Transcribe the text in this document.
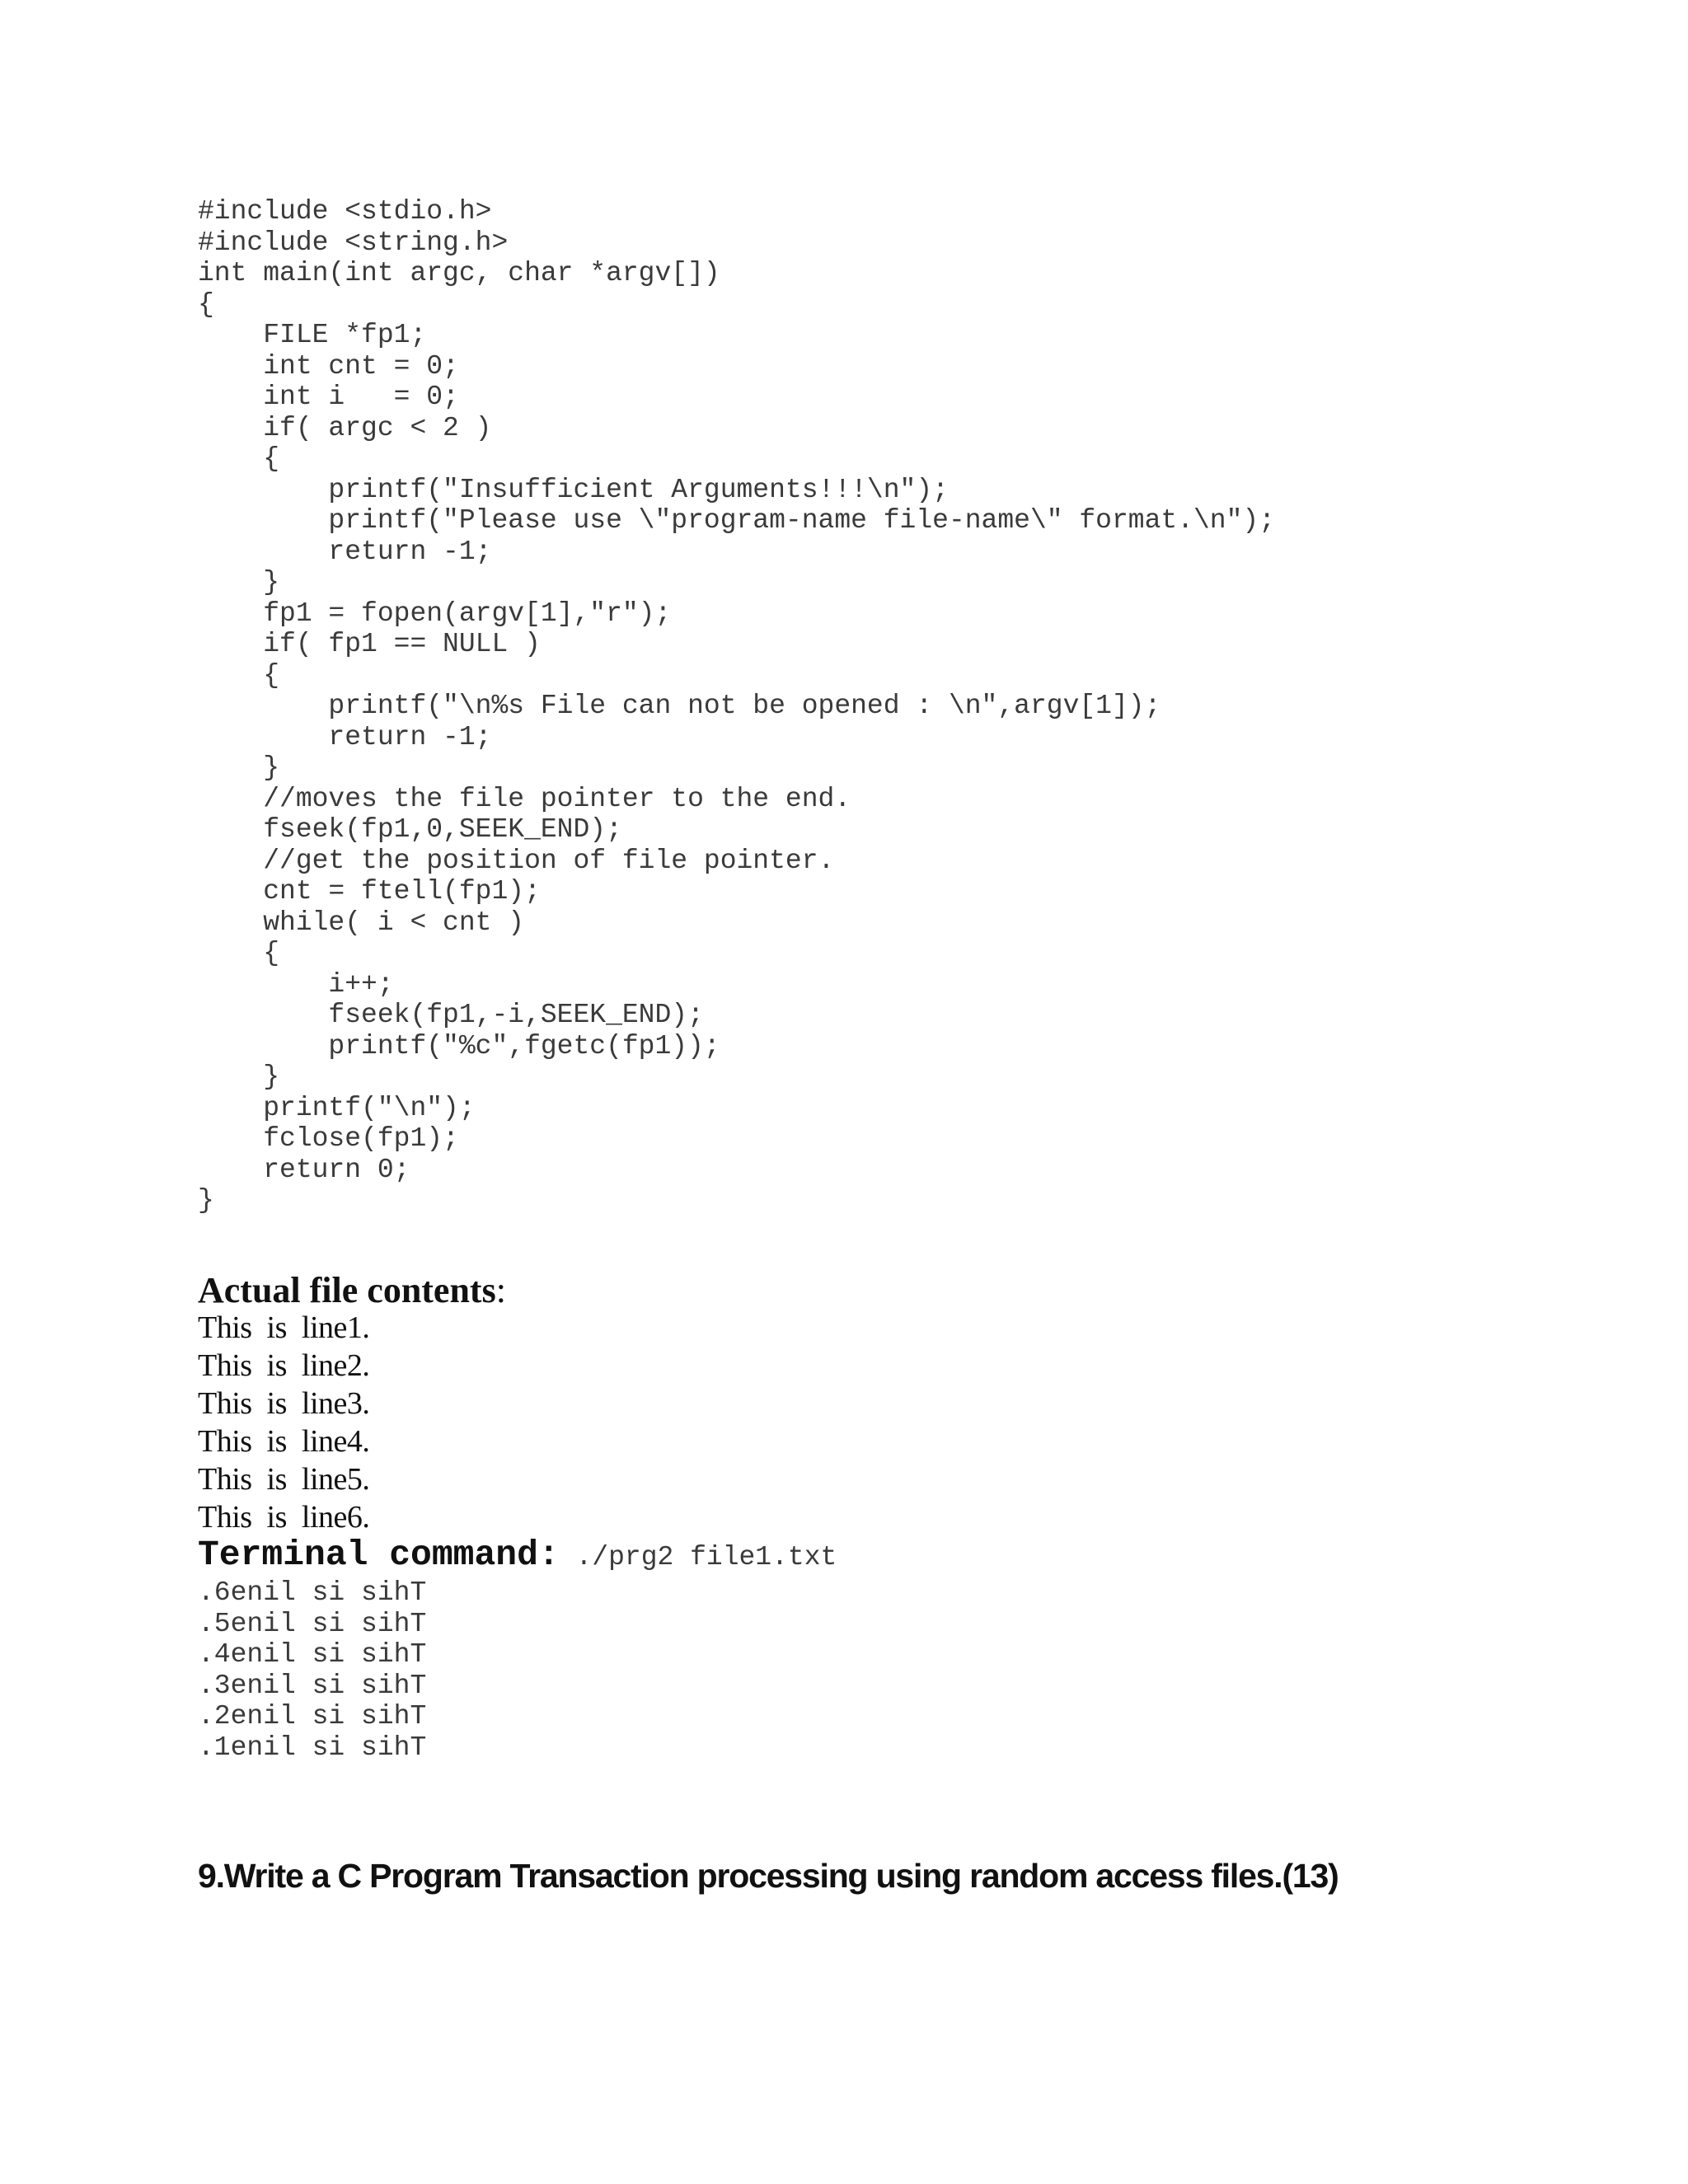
#include <stdio.h>
#include <string.h>
int main(int argc, char *argv[])
{
FILE *fp1;
int cnt = 0;
int i   = 0;
if( argc < 2 )
{
printf("Insufficient Arguments!!!\n");
printf("Please use \"program-name file-name\" format.\n");
return -1;
}
fp1 = fopen(argv[1],"r");
if( fp1 == NULL )
{
printf("\n%s File can not be opened : \n",argv[1]);
return -1;
}
//moves the file pointer to the end.
fseek(fp1,0,SEEK_END);
//get the position of file pointer.
cnt = ftell(fp1);
while( i < cnt )
{
i++;
fseek(fp1,-i,SEEK_END);
printf("%c",fgetc(fp1));
}
printf("\n");
fclose(fp1);
return 0;
}
Actual file contents:
This  is  line1.
This  is  line2.
This  is  line3.
This  is  line4.
This  is  line5.
This  is  line6.
Terminal command: ./prg2 file1.txt
.6enil si sihT
.5enil si sihT
.4enil si sihT
.3enil si sihT
.2enil si sihT
.1enil si sihT
9.Write a C Program Transaction processing using random access files.(13)
